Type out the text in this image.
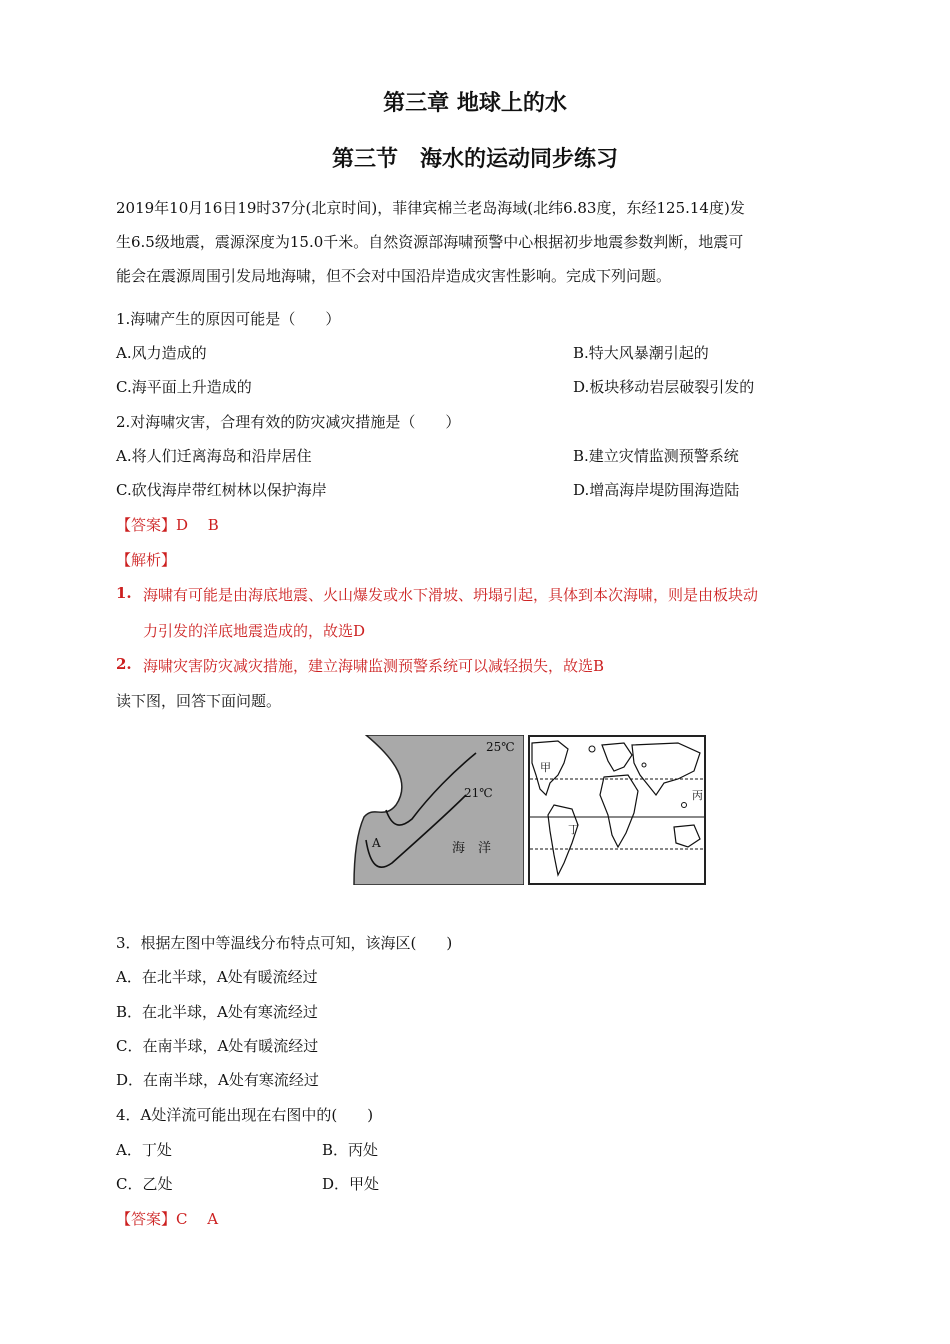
第三章 地球上的水
第三节　海水的运动同步练习
2019年10月16日19时37分(北京时间)，菲律宾棉兰老岛海域(北纬6.83度，东经125.14度)发
生6.5级地震，震源深度为15.0千米。自然资源部海啸预警中心根据初步地震参数判断，地震可
能会在震源周围引发局地海啸，但不会对中国沿岸造成灾害性影响。完成下列问题。
1.海啸产生的原因可能是（　　）
A.风力造成的	B.特大风暴潮引起的
C.海平面上升造成的	D.板块移动岩层破裂引发的
2.对海啸灾害，合理有效的防灾减灾措施是（　　）
A.将人们迁离海岛和沿岸居住	B.建立灾情监测预警系统
C.砍伐海岸带红树林以保护海岸	D.增高海岸堤防围海造陆
【答案】D　 B
【解析】
1. 海啸有可能是由海底地震、火山爆发或水下滑坡、坍塌引起，具体到本次海啸，则是由板块动
力引发的洋底地震造成的，故选D
2. 海啸灾害防灾减灾措施，建立海啸监测预警系统可以减轻损失，故选B
读下图，回答下面问题。
25℃
21℃
A	海　洋
甲
丁
丙
3．根据左图中等温线分布特点可知，该海区(　　)
A．在北半球，A处有暖流经过
B．在北半球，A处有寒流经过
C．在南半球，A处有暖流经过
D．在南半球，A处有寒流经过
4．A处洋流可能出现在右图中的(　　)
A．丁处	B．丙处
C．乙处	D．甲处
【答案】C　 A
